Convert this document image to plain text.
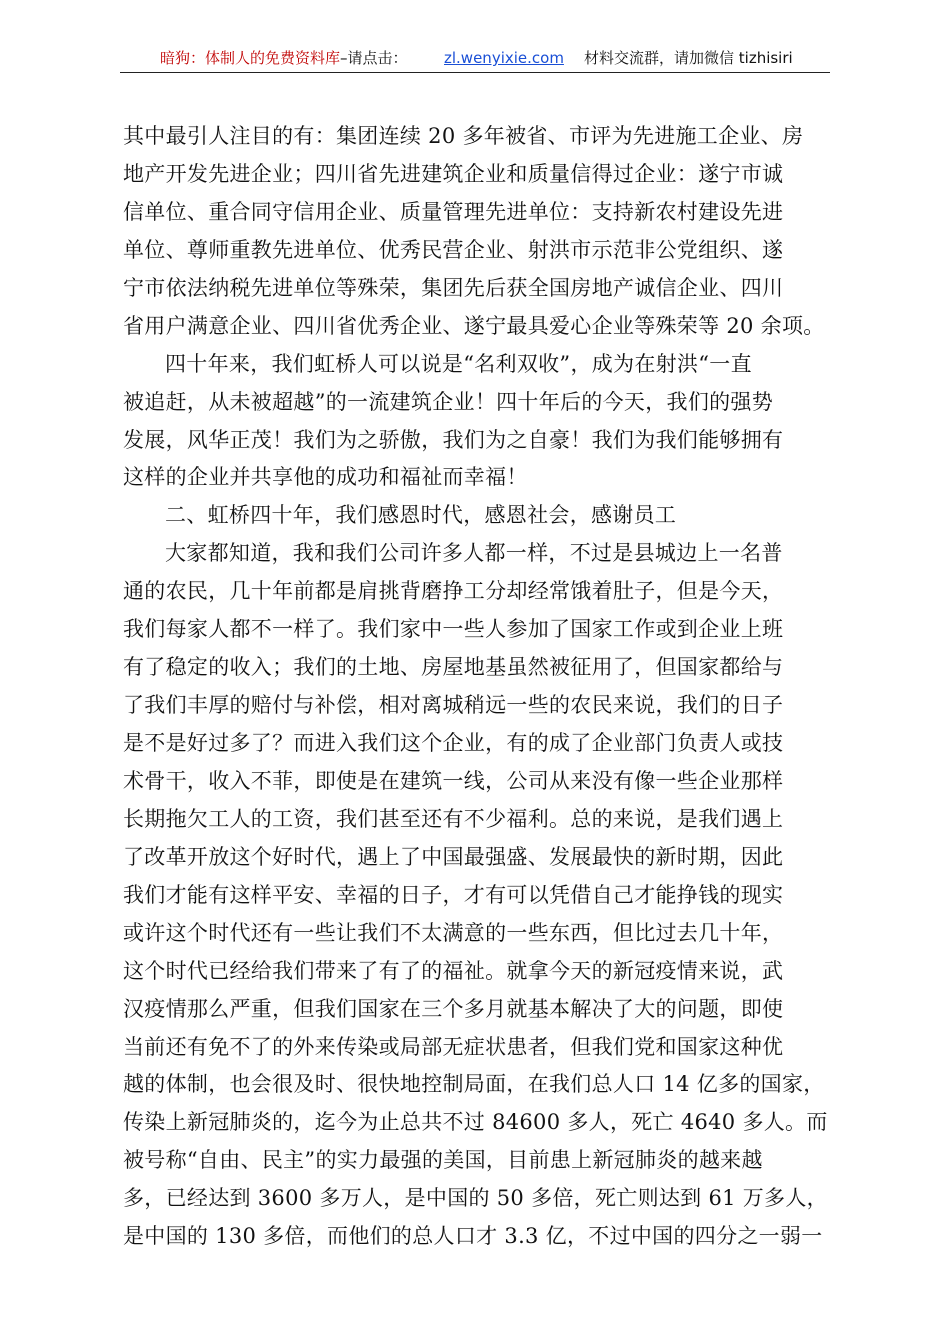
暗狗：体制人的免费资料库–请点击： zl.wenyixie.com 材料交流群，请加微信 tizhisiri
其中最引人注目的有：集团连续 20 多年被省、市评为先进施工企业、房
地产开发先进企业；四川省先进建筑企业和质量信得过企业：遂宁市诚
信单位、重合同守信用企业、质量管理先进单位：支持新农村建设先进
单位、尊师重教先进单位、优秀民营企业、射洪市示范非公党组织、遂
宁市依法纳税先进单位等殊荣，集团先后获全国房地产诚信企业、四川
省用户满意企业、四川省优秀企业、遂宁最具爱心企业等殊荣等 20 余项。
四十年来，我们虹桥人可以说是“名利双收”，成为在射洪“一直
被追赶，从未被超越”的一流建筑企业！四十年后的今天，我们的强势
发展，风华正茂！我们为之骄傲，我们为之自豪！我们为我们能够拥有
这样的企业并共享他的成功和福祉而幸福！
二、虹桥四十年，我们感恩时代，感恩社会，感谢员工
大家都知道，我和我们公司许多人都一样，不过是县城边上一名普
通的农民，几十年前都是肩挑背磨挣工分却经常饿着肚子，但是今天，
我们每家人都不一样了。我们家中一些人参加了国家工作或到企业上班
有了稳定的收入；我们的土地、房屋地基虽然被征用了，但国家都给与
了我们丰厚的赔付与补偿，相对离城稍远一些的农民来说，我们的日子
是不是好过多了？而进入我们这个企业，有的成了企业部门负责人或技
术骨干，收入不菲，即使是在建筑一线，公司从来没有像一些企业那样
长期拖欠工人的工资，我们甚至还有不少福利。总的来说，是我们遇上
了改革开放这个好时代，遇上了中国最强盛、发展最快的新时期，因此
我们才能有这样平安、幸福的日子，才有可以凭借自己才能挣钱的现实
或许这个时代还有一些让我们不太满意的一些东西，但比过去几十年，
这个时代已经给我们带来了有了的福祉。就拿今天的新冠疫情来说，武
汉疫情那么严重，但我们国家在三个多月就基本解决了大的问题，即使
当前还有免不了的外来传染或局部无症状患者，但我们党和国家这种优
越的体制，也会很及时、很快地控制局面，在我们总人口 14 亿多的国家，
传染上新冠肺炎的，迄今为止总共不过 84600 多人，死亡 4640 多人。而
被号称“自由、民主”的实力最强的美国，目前患上新冠肺炎的越来越
多，已经达到 3600 多万人，是中国的 50 多倍，死亡则达到 61 万多人，
是中国的 130 多倍，而他们的总人口才 3.3 亿，不过中国的四分之一弱一
